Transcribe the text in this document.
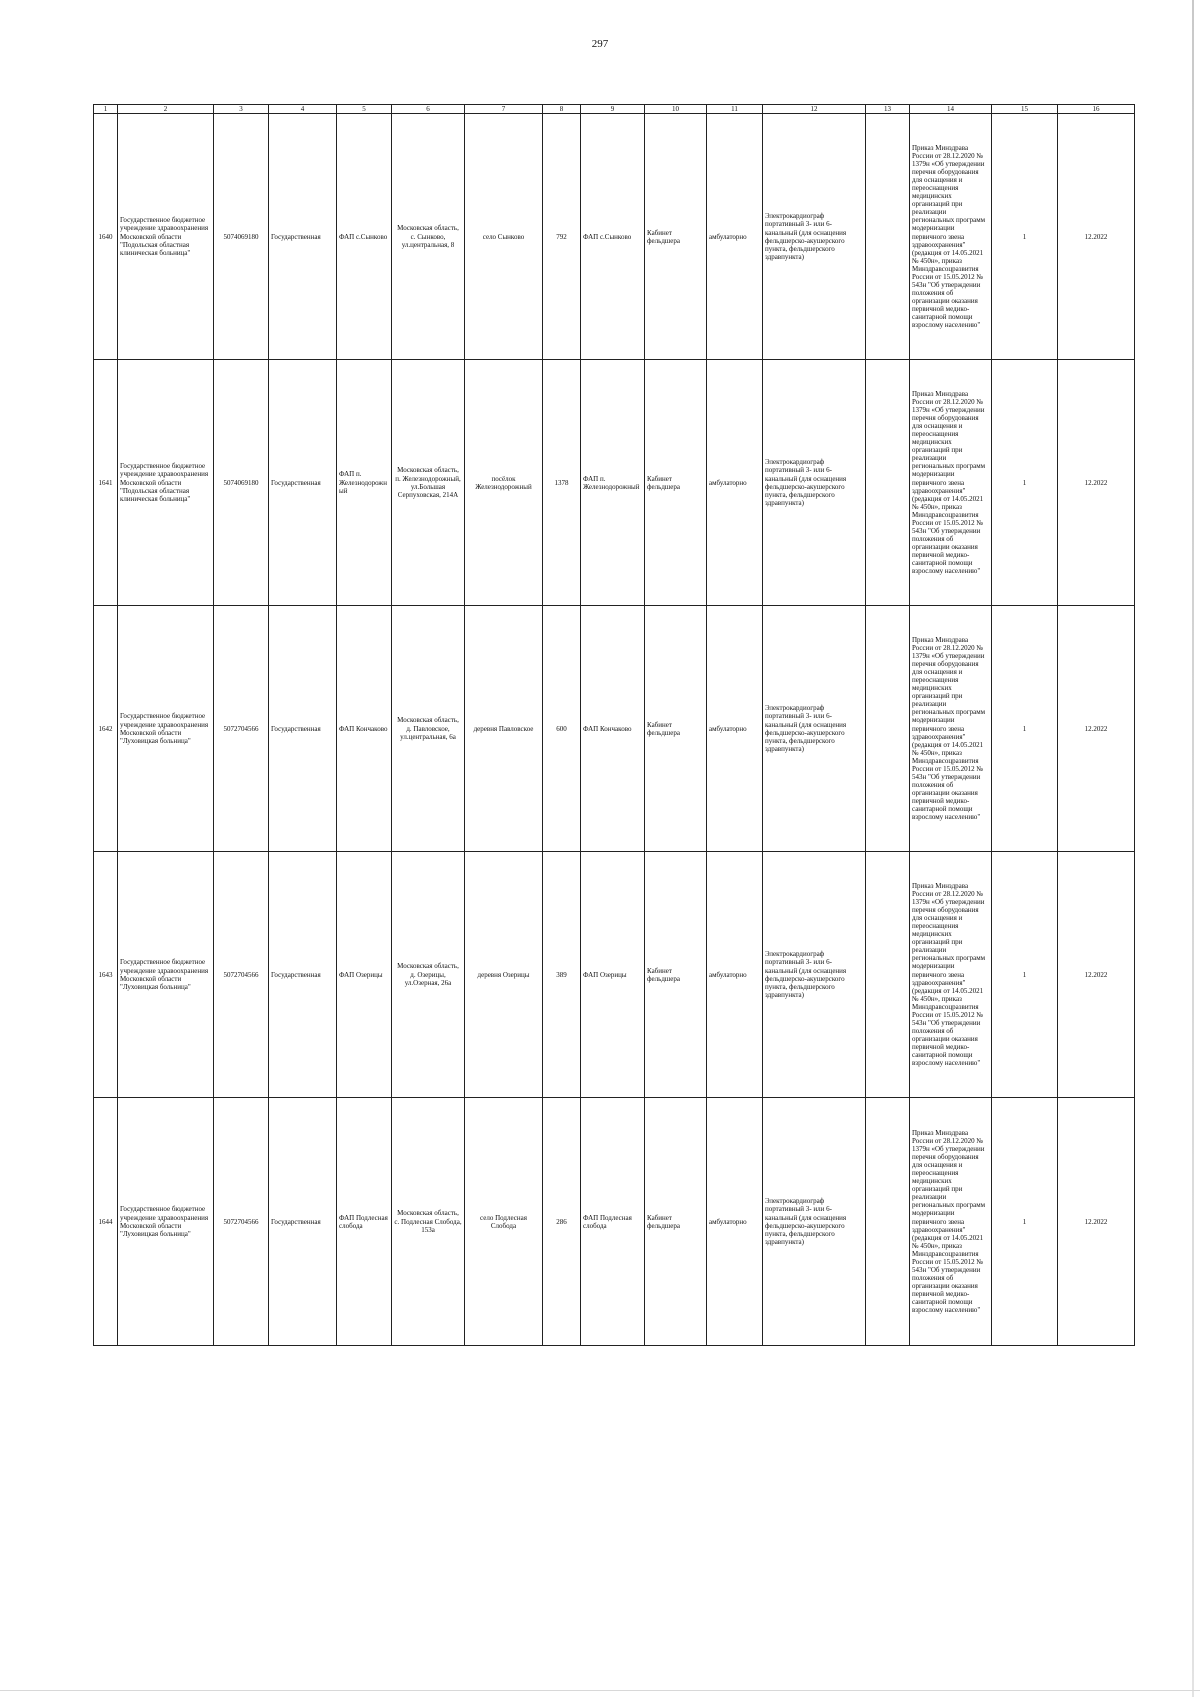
297
1	2	3	4	5	6	7	8	9	10	11	12	13	14	15	16
1640	Государственное бюджетное учреждение здравоохранения Московской области "Подольская областная клиническая больница"	5074069180	Государственная	ФАП с.Сынково	Московская область, с. Сынково, ул.центральная, 8	село Сынково	792	ФАП с.Сынково	Кабинет фельдшера	амбулаторно	Электрокардиограф портативный 3- или 6-канальный (для оснащения фельдшерско-акушерского пункта, фельдшерского здравпункта)		Приказ Минздрава России от 28.12.2020 № 1379н «Об утверждении перечня оборудования для оснащения и переоснащения медицинских организаций при реализации региональных программ модернизации первичного звена здравоохранения"(редакция от 14.05.2021 № 450н», приказ Минздравсоцразвития России от 15.05.2012 № 543н "Об утверждении положения об организации оказания первичной медико-санитарной помощи взрослому населению"	1	12.2022
1641	Государственное бюджетное учреждение здравоохранения Московской области "Подольская областная клиническая больница"	5074069180	Государственная	ФАП п. Железнодорожный	Московская область, п. Железнодорожный, ул.Большая Серпуховская, 214А	посёлок Железнодорожный	1378	ФАП п. Железнодорожный	Кабинет фельдшера	амбулаторно	Электрокардиограф портативный 3- или 6-канальный (для оснащения фельдшерско-акушерского пункта, фельдшерского здравпункта)		Приказ Минздрава России от 28.12.2020 № 1379н «Об утверждении перечня оборудования для оснащения и переоснащения медицинских организаций при реализации региональных программ модернизации первичного звена здравоохранения"(редакция от 14.05.2021 № 450н», приказ Минздравсоцразвития России от 15.05.2012 № 543н "Об утверждении положения об организации оказания первичной медико-санитарной помощи взрослому населению"	1	12.2022
1642	Государственное бюджетное учреждение здравоохранения Московской области "Луховицкая больница"	5072704566	Государственная	ФАП Кончаково	Московская область, д. Павловское, ул.центральная, 6а	деревня Павловское	600	ФАП Кончаково	Кабинет фельдшера	амбулаторно	Электрокардиограф портативный 3- или 6-канальный (для оснащения фельдшерско-акушерского пункта, фельдшерского здравпункта)		Приказ Минздрава России от 28.12.2020 № 1379н «Об утверждении перечня оборудования для оснащения и переоснащения медицинских организаций при реализации региональных программ модернизации первичного звена здравоохранения"(редакция от 14.05.2021 № 450н», приказ Минздравсоцразвития России от 15.05.2012 № 543н "Об утверждении положения об организации оказания первичной медико-санитарной помощи взрослому населению"	1	12.2022
1643	Государственное бюджетное учреждение здравоохранения Московской области "Луховицкая больница"	5072704566	Государственная	ФАП Озерицы	Московская область, д. Озерицы, ул.Озерная, 26а	деревня Озерицы	389	ФАП Озерицы	Кабинет фельдшера	амбулаторно	Электрокардиограф портативный 3- или 6-канальный (для оснащения фельдшерско-акушерского пункта, фельдшерского здравпункта)		Приказ Минздрава России от 28.12.2020 № 1379н «Об утверждении перечня оборудования для оснащения и переоснащения медицинских организаций при реализации региональных программ модернизации первичного звена здравоохранения"(редакция от 14.05.2021 № 450н», приказ Минздравсоцразвития России от 15.05.2012 № 543н "Об утверждении положения об организации оказания первичной медико-санитарной помощи взрослому населению"	1	12.2022
1644	Государственное бюджетное учреждение здравоохранения Московской области "Луховицкая больница"	5072704566	Государственная	ФАП Подлесная слобода	Московская область, с. Подлесная Слобода, 153а	село Подлесная Слобода	286	ФАП Подлесная слобода	Кабинет фельдшера	амбулаторно	Электрокардиограф портативный 3- или 6-канальный (для оснащения фельдшерско-акушерского пункта, фельдшерского здравпункта)		Приказ Минздрава России от 28.12.2020 № 1379н «Об утверждении перечня оборудования для оснащения и переоснащения медицинских организаций при реализации региональных программ модернизации первичного звена здравоохранения"(редакция от 14.05.2021 № 450н», приказ Минздравсоцразвития России от 15.05.2012 № 543н "Об утверждении положения об организации оказания первичной медико-санитарной помощи взрослому населению"	1	12.2022
